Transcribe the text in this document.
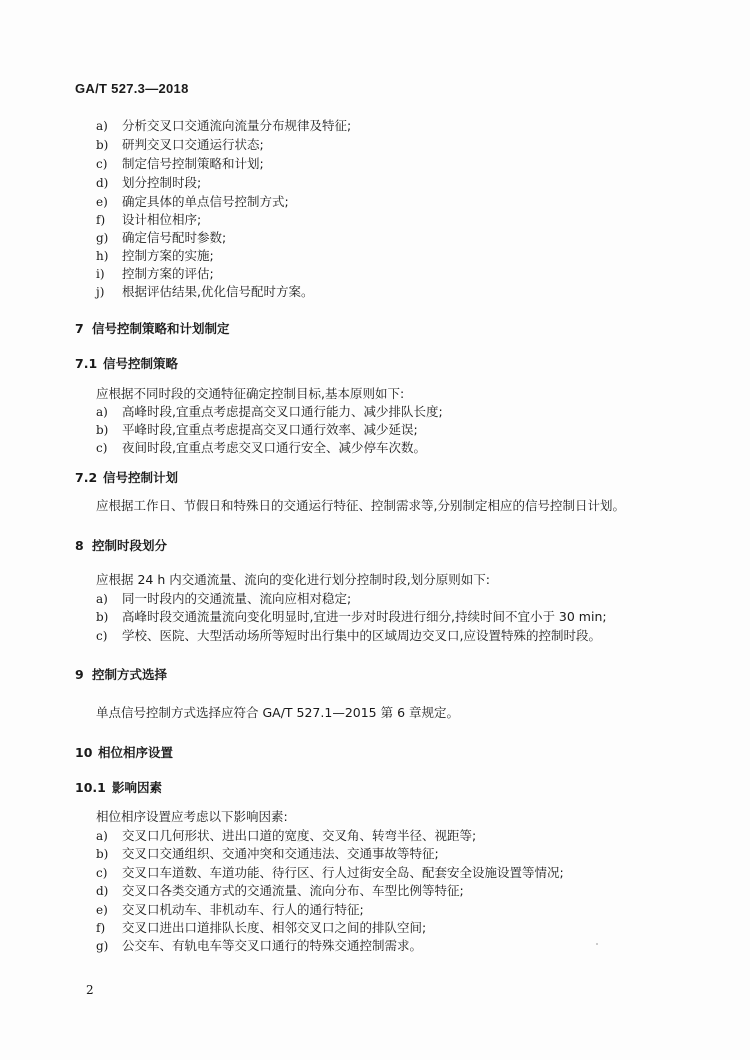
GA/T 527.3—2018
a)	分析交叉口交通流向流量分布规律及特征;
b)	研判交叉口交通运行状态;
c)	制定信号控制策略和计划;
d)	划分控制时段;
e)	确定具体的单点信号控制方式;
f)	设计相位相序;
g)	确定信号配时参数;
h)	控制方案的实施;
i)	控制方案的评估;
j)	根据评估结果,优化信号配时方案。
7 信号控制策略和计划制定
7.1 信号控制策略
应根据不同时段的交通特征确定控制目标,基本原则如下:
a)	高峰时段,宜重点考虑提高交叉口通行能力、减少排队长度;
b)	平峰时段,宜重点考虑提高交叉口通行效率、减少延误;
c)	夜间时段,宜重点考虑交叉口通行安全、减少停车次数。
7.2 信号控制计划
应根据工作日、节假日和特殊日的交通运行特征、控制需求等,分别制定相应的信号控制日计划。
8 控制时段划分
应根据 24 h 内交通流量、流向的变化进行划分控制时段,划分原则如下:
a)	同一时段内的交通流量、流向应相对稳定;
b)	高峰时段交通流量流向变化明显时,宜进一步对时段进行细分,持续时间不宜小于 30 min;
c)	学校、医院、大型活动场所等短时出行集中的区域周边交叉口,应设置特殊的控制时段。
9 控制方式选择
单点信号控制方式选择应符合 GA/T 527.1—2015 第 6 章规定。
10 相位相序设置
10.1 影响因素
相位相序设置应考虑以下影响因素:
a)	交叉口几何形状、进出口道的宽度、交叉角、转弯半径、视距等;
b)	交叉口交通组织、交通冲突和交通违法、交通事故等特征;
c)	交叉口车道数、车道功能、待行区、行人过街安全岛、配套安全设施设置等情况;
d)	交叉口各类交通方式的交通流量、流向分布、车型比例等特征;
e)	交叉口机动车、非机动车、行人的通行特征;
f)	交叉口进出口道排队长度、相邻交叉口之间的排队空间;
g)	公交车、有轨电车等交叉口通行的特殊交通控制需求。
2
